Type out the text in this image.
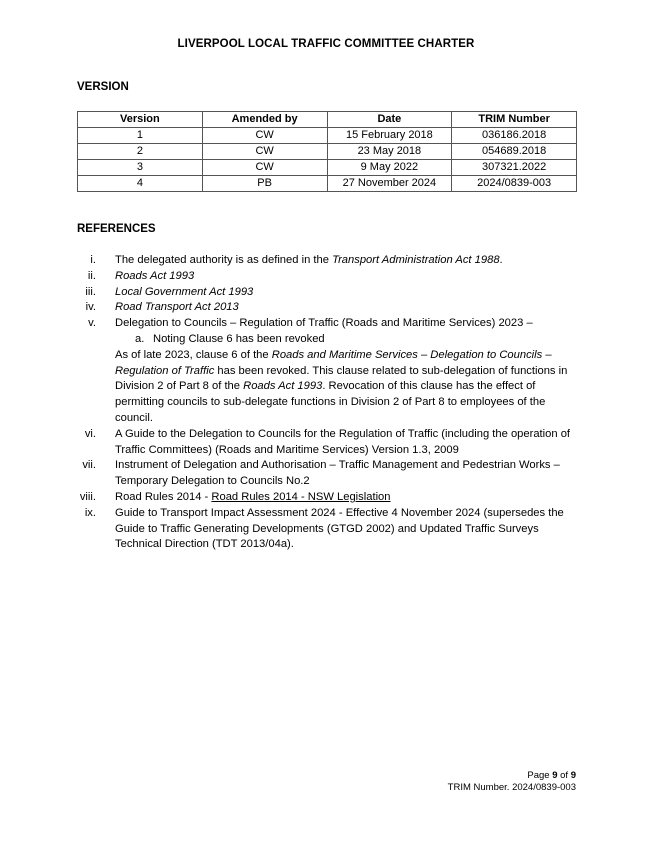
LIVERPOOL LOCAL TRAFFIC COMMITTEE CHARTER
VERSION
Version	Amended by	Date	TRIM Number
1	CW	15 February 2018	036186.2018
2	CW	23 May 2018	054689.2018
3	CW	9 May 2022	307321.2022
4	PB	27 November 2024	2024/0839-003
REFERENCES
i. The delegated authority is as defined in the Transport Administration Act 1988.
ii. Roads Act 1993
iii. Local Government Act 1993
iv. Road Transport Act 2013
v. Delegation to Councils – Regulation of Traffic (Roads and Maritime Services) 2023 –
a. Noting Clause 6 has been revoked
As of late 2023, clause 6 of the Roads and Maritime Services – Delegation to Councils – Regulation of Traffic has been revoked. This clause related to sub-delegation of functions in Division 2 of Part 8 of the Roads Act 1993. Revocation of this clause has the effect of permitting councils to sub-delegate functions in Division 2 of Part 8 to employees of the council.
vi. A Guide to the Delegation to Councils for the Regulation of Traffic (including the operation of Traffic Committees) (Roads and Maritime Services) Version 1.3, 2009
vii. Instrument of Delegation and Authorisation – Traffic Management and Pedestrian Works – Temporary Delegation to Councils No.2
viii. Road Rules 2014 - Road Rules 2014 - NSW Legislation
ix. Guide to Transport Impact Assessment 2024 - Effective 4 November 2024 (supersedes the Guide to Traffic Generating Developments (GTGD 2002) and Updated Traffic Surveys Technical Direction (TDT 2013/04a).
Page 9 of 9
TRIM Number. 2024/0839-003
